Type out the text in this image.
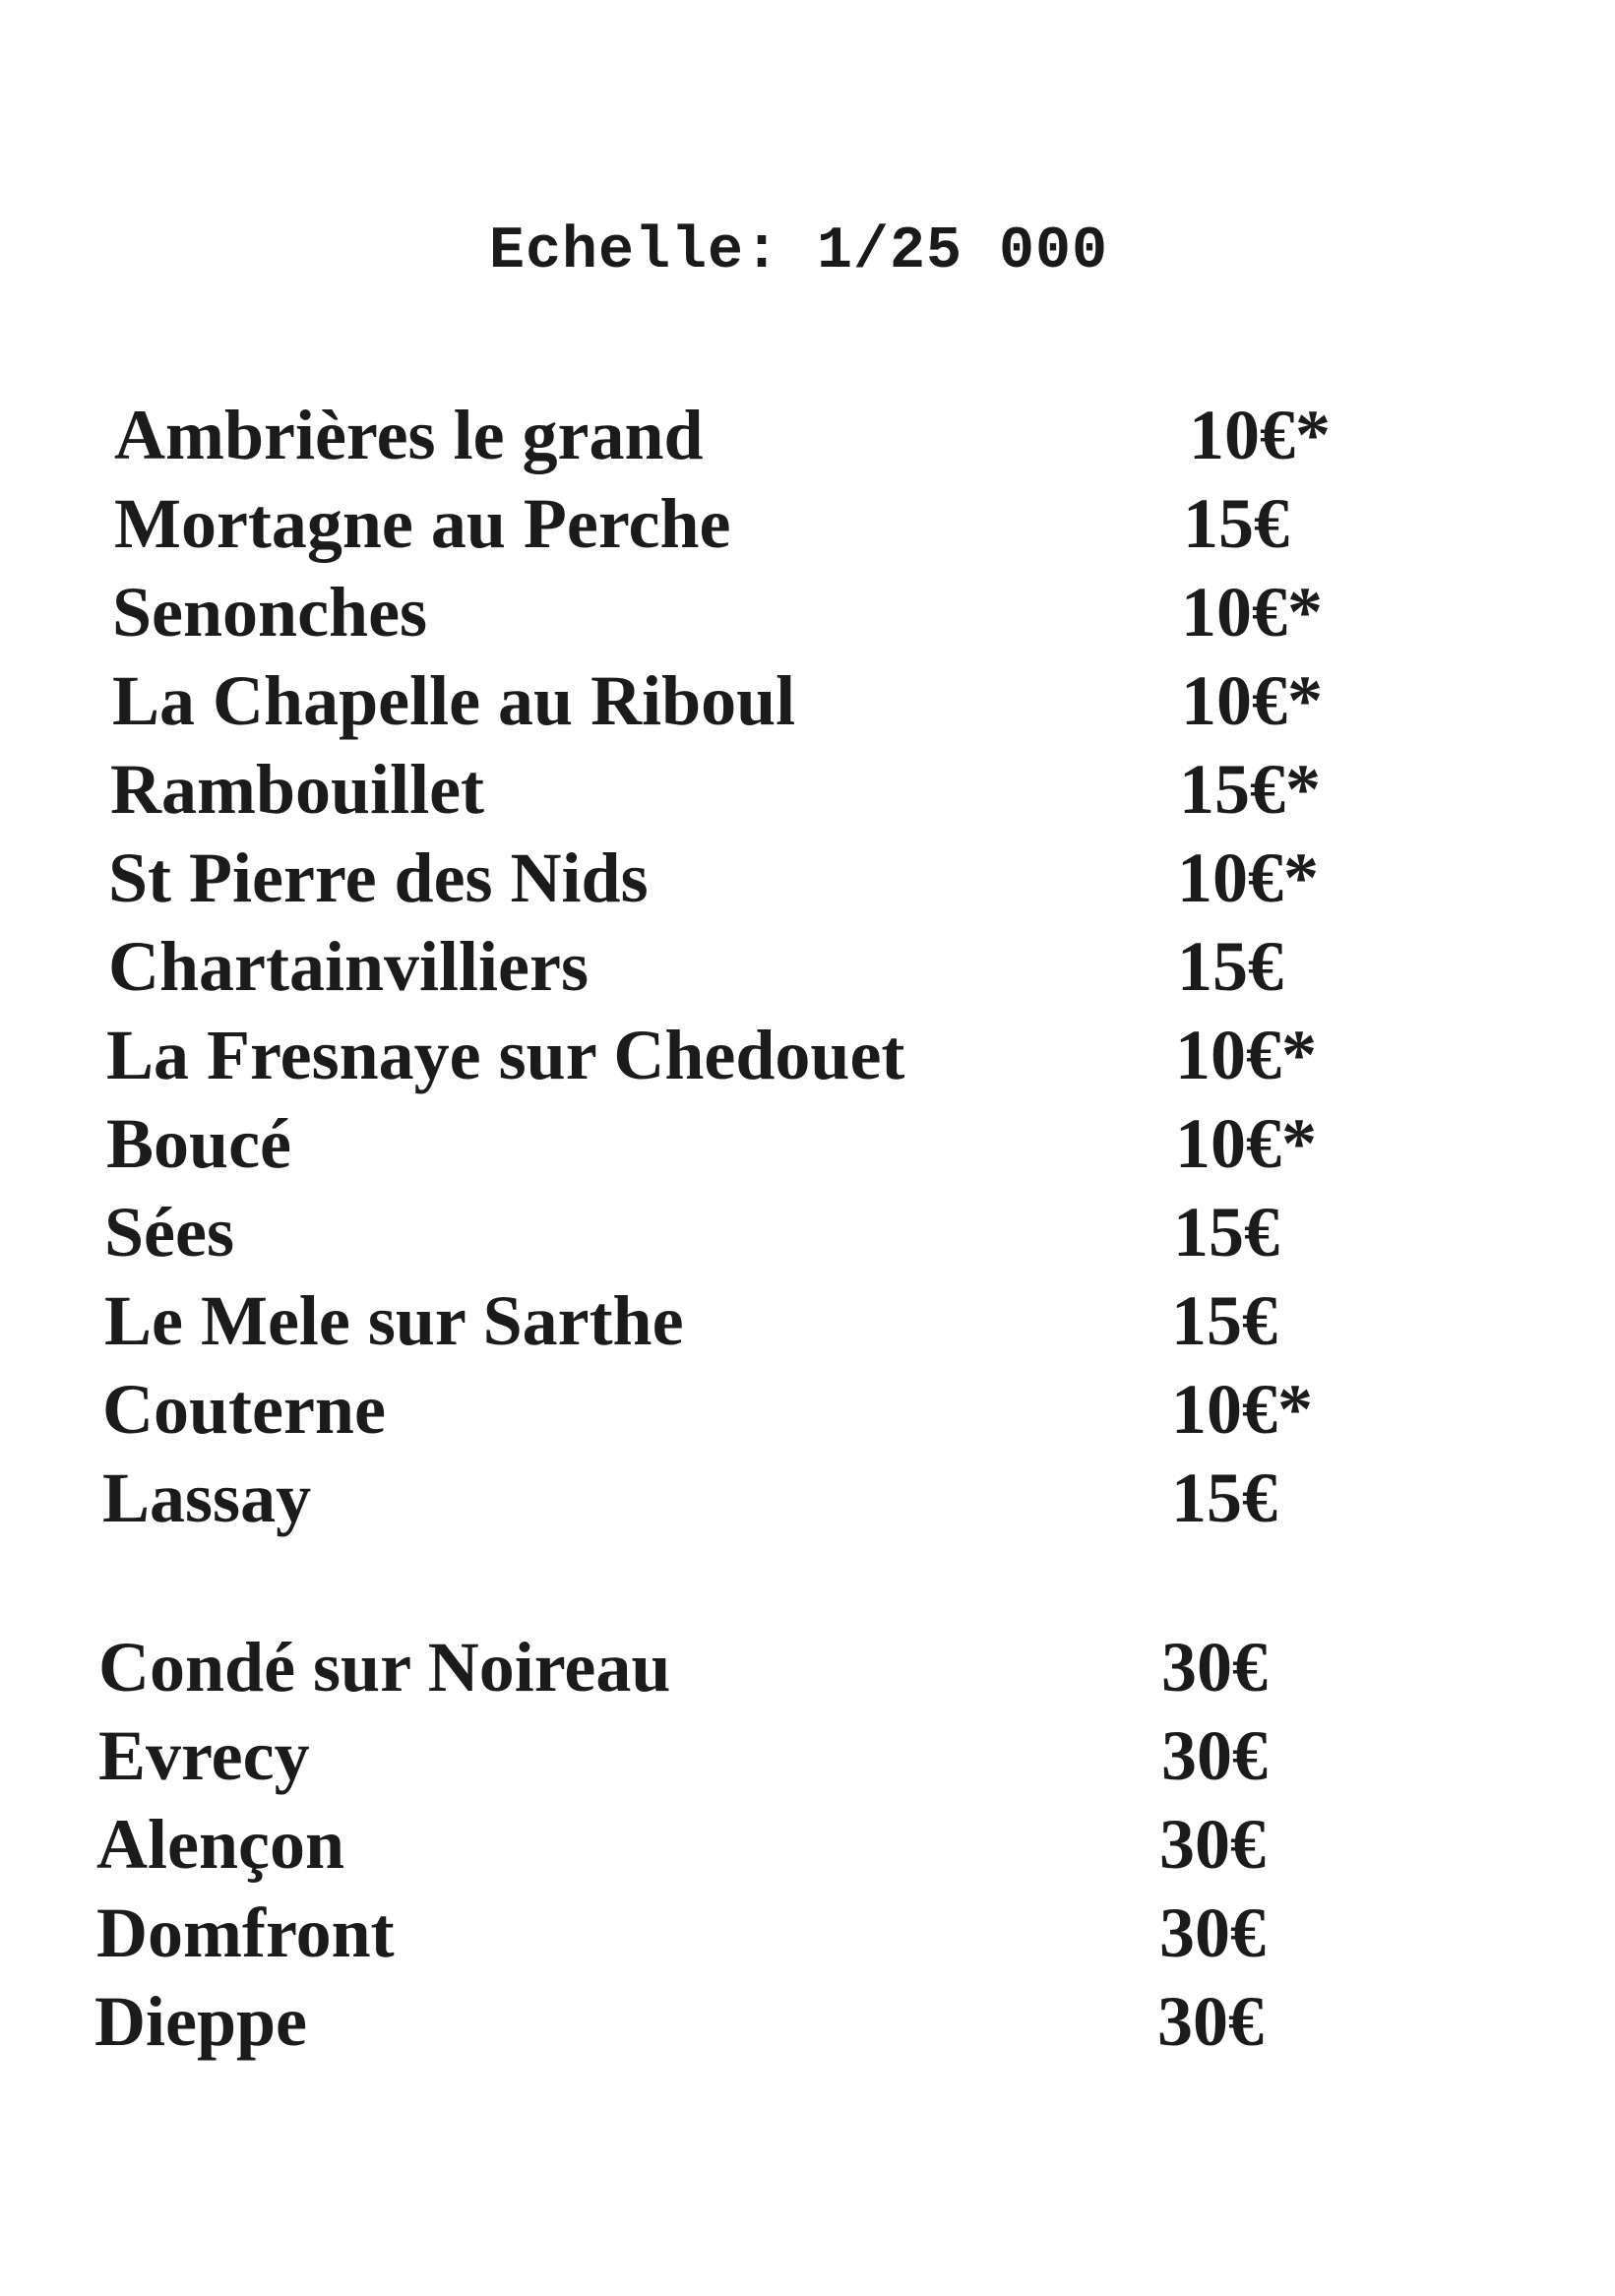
Echelle: 1/25 000
Ambrières le grand	10€*
Mortagne au Perche	15€
Senonches	10€*
La Chapelle au Riboul	10€*
Rambouillet	15€*
St Pierre des Nids	10€*
Chartainvilliers	15€
La Fresnaye sur Chedouet	10€*
Boucé	10€*
Sées	15€
Le Mele sur Sarthe	15€
Couterne	10€*
Lassay	15€
Condé sur Noireau	30€
Evrecy	30€
Alençon	30€
Domfront	30€
Dieppe	30€
